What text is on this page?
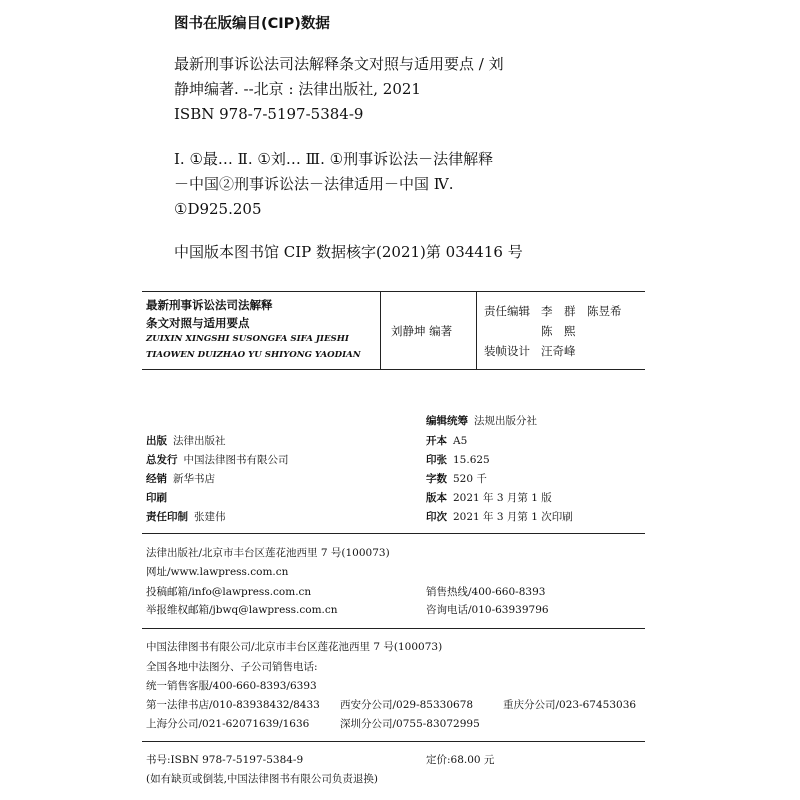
图书在版编目(CIP)数据
最新刑事诉讼法司法解释条文对照与适用要点 / 刘
静坤编著. --北京 : 法律出版社, 2021
ISBN 978-7-5197-5384-9
Ⅰ. ①最… Ⅱ. ①刘… Ⅲ. ①刑事诉讼法－法律解释
－中国②刑事诉讼法－法律适用－中国 Ⅳ.
①D925.205
中国版本图书馆 CIP 数据核字(2021)第 034416 号
最新刑事诉讼法司法解释
条文对照与适用要点
ZUIXIN XINGSHI SUSONGFA SIFA JIESHI
TIAOWEN DUIZHAO YU SHIYONG YAODIAN
刘静坤 编著
责任编辑 李　群　陈昱希
陈　熙
装帧设计 汪奇峰
编辑统筹 法规出版分社
出版 法律出版社	开本 A5
总发行 中国法律图书有限公司	印张 15.625
经销 新华书店	字数 520 千
印刷	版本 2021 年 3 月第 1 版
责任印制 张建伟	印次 2021 年 3 月第 1 次印刷
法律出版社/北京市丰台区莲花池西里 7 号(100073)
网址/www.lawpress.com.cn
投稿邮箱/info@lawpress.com.cn	销售热线/400-660-8393
举报维权邮箱/jbwq@lawpress.com.cn	咨询电话/010-63939796
中国法律图书有限公司/北京市丰台区莲花池西里 7 号(100073)
全国各地中法图分、子公司销售电话:
统一销售客服/400-660-8393/6393
第一法律书店/010-83938432/8433 西安分公司/029-85330678	重庆分公司/023-67453036
上海分公司/021-62071639/1636	深圳分公司/0755-83072995
书号:ISBN 978-7-5197-5384-9	定价:68.00 元
(如有缺页或倒装,中国法律图书有限公司负责退换)
